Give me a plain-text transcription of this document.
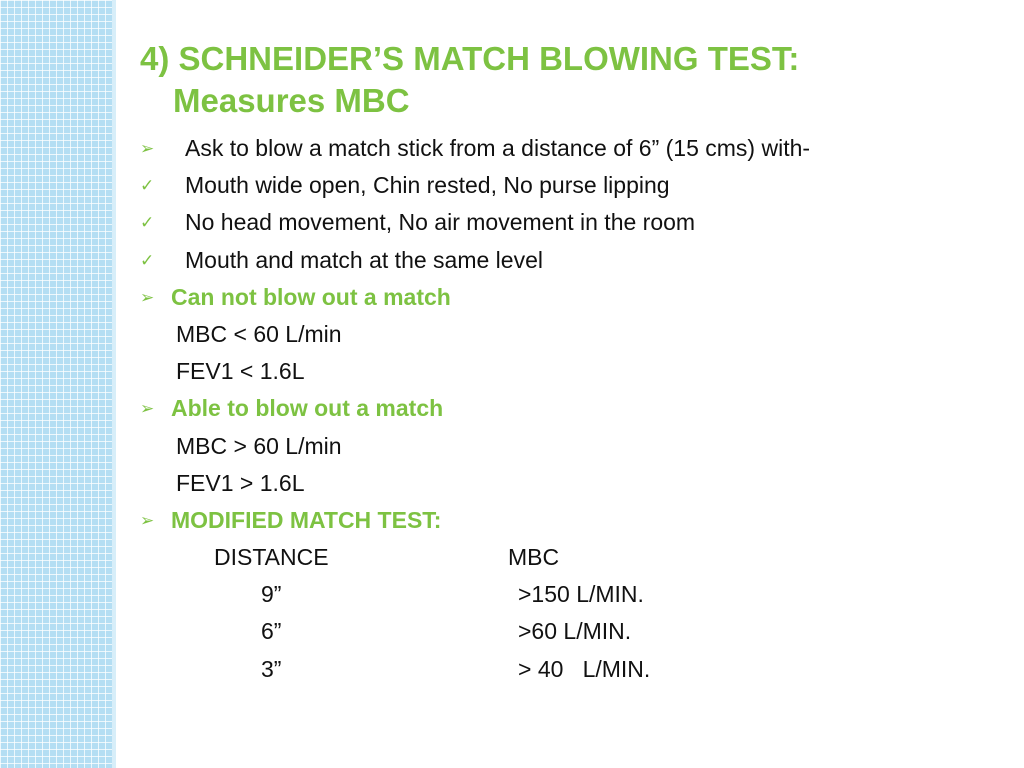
4) SCHNEIDER’S MATCH BLOWING TEST:
Measures MBC
➢ Ask to blow a match stick from a distance of 6” (15 cms) with-
✓ Mouth wide open, Chin rested, No purse lipping
✓ No head movement, No air movement in the room
✓ Mouth and match at the same level
➢ Can not blow out a match
MBC < 60 L/min
FEV1 < 1.6L
➢ Able to blow out a match
MBC > 60 L/min
FEV1 > 1.6L
➢ MODIFIED MATCH TEST:
DISTANCE	MBC
9”	>150 L/MIN.
6”	>60 L/MIN.
3”	> 40   L/MIN.
